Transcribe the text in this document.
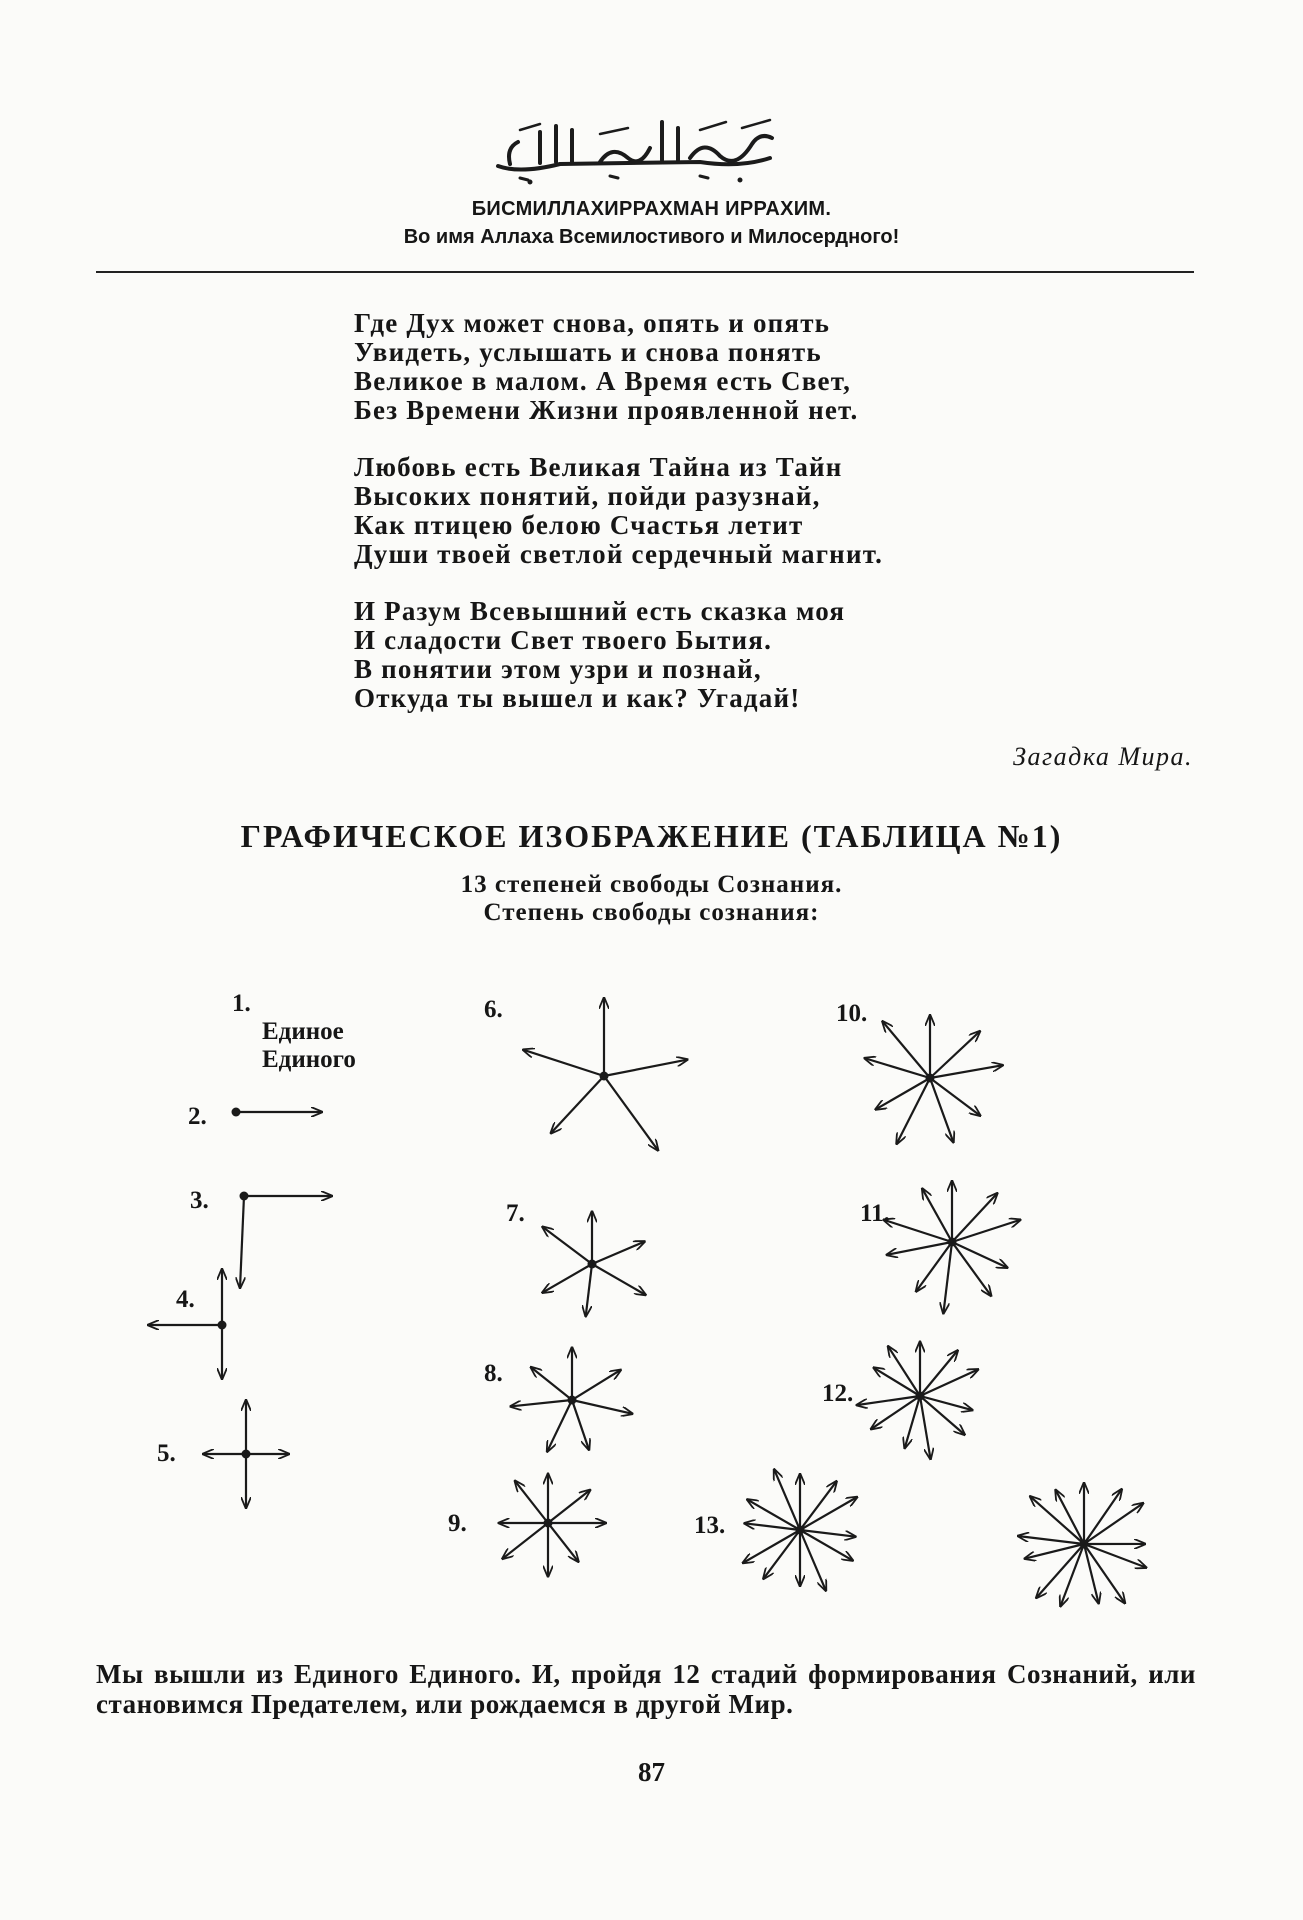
БИСМИЛЛАХИРРАХМАН ИРРАХИМ.
Во имя Аллаха Всемилостивого и Милосердного!
Где Дух может снова, опять и опять
Увидеть, услышать и снова понять
Великое в малом. А Время есть Свет,
Без Времени Жизни проявленной нет.
Любовь есть Великая Тайна из Тайн
Высоких понятий, пойди разузнай,
Как птицею белою Счастья летит
Души твоей светлой сердечный магнит.
И Разум Всевышний есть сказка моя
И сладости Свет твоего Бытия.
В понятии этом узри и познай,
Откуда ты вышел и как? Угадай!
Загадка Мира.
ГРАФИЧЕСКОЕ ИЗОБРАЖЕНИЕ (ТАБЛИЦА №1)
13 степеней свободы Сознания.
Степень свободы сознания:
1.
Единое
Единого
2.
3.
4.
5.
6.
7.
8.
9.
10.
11.
12.
13.
Мы вышли из Единого Единого. И, пройдя 12 стадий формирования Сознаний, или становимся Предателем, или рождаемся в другой Мир.
87
